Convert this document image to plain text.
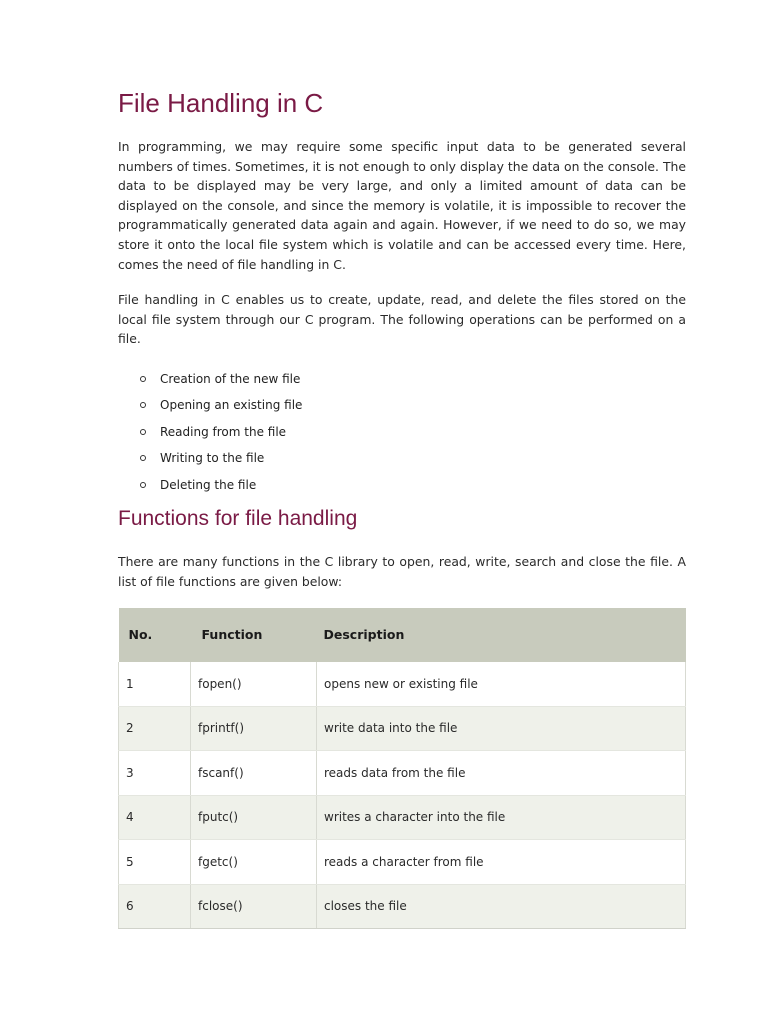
File Handling in C

In programming, we may require some specific input data to be generated several numbers of times. Sometimes, it is not enough to only display the data on the console. The data to be displayed may be very large, and only a limited amount of data can be displayed on the console, and since the memory is volatile, it is impossible to recover the programmatically generated data again and again. However, if we need to do so, we may store it onto the local file system which is volatile and can be accessed every time. Here, comes the need of file handling in C.

File handling in C enables us to create, update, read, and delete the files stored on the local file system through our C program. The following operations can be performed on a file.

Creation of the new file
Opening an existing file
Reading from the file
Writing to the file
Deleting the file
Functions for file handling

There are many functions in the C library to open, read, write, search and close the file. A list of file functions are given below:

No.	Function	Description
1	fopen()	opens new or existing file
2	fprintf()	write data into the file
3	fscanf()	reads data from the file
4	fputc()	writes a character into the file
5	fgetc()	reads a character from file
6	fclose()	closes the file
